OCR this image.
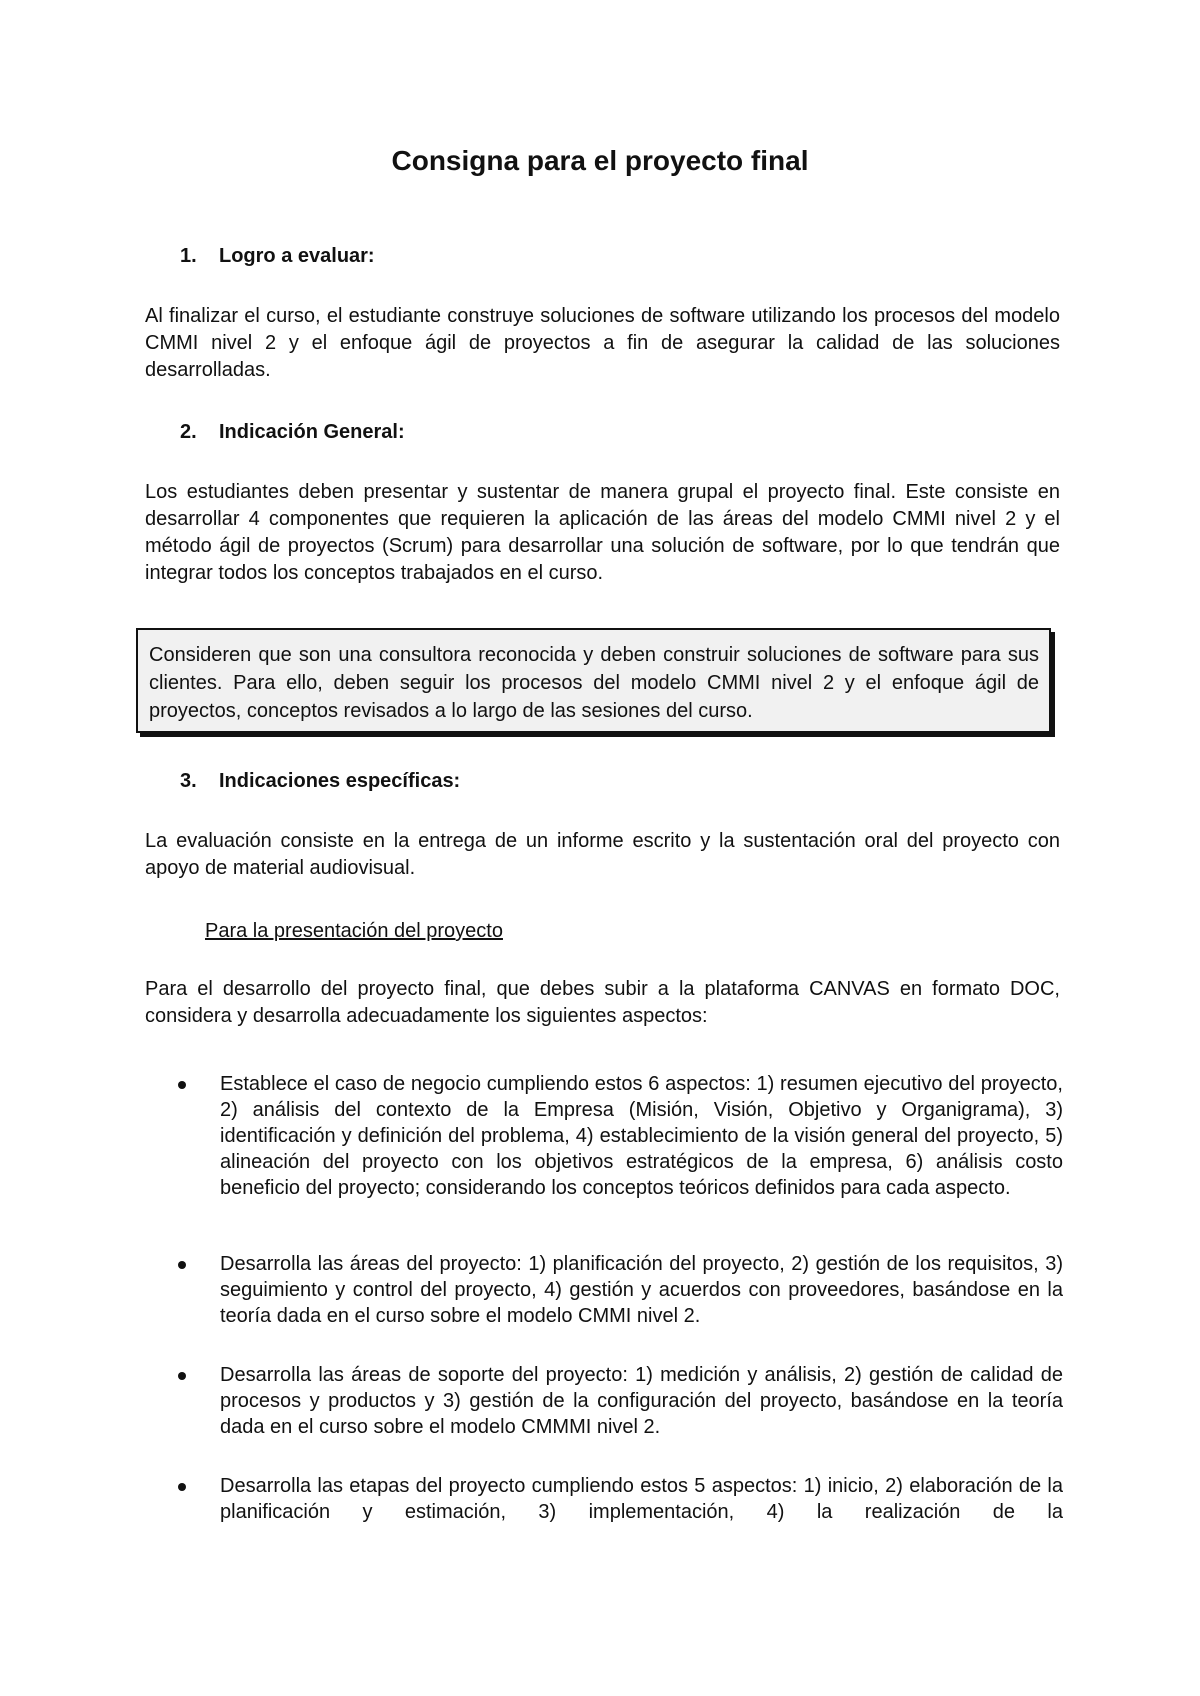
Consigna para el proyecto final
1. Logro a evaluar:

Al finalizar el curso, el estudiante construye soluciones de software utilizando los procesos del modelo CMMI nivel 2 y el enfoque ágil de proyectos a fin de asegurar la calidad de las soluciones desarrolladas.

2. Indicación General:

Los estudiantes deben presentar y sustentar de manera grupal el proyecto final. Este consiste en desarrollar 4 componentes que requieren la aplicación de las áreas del modelo CMMI nivel 2 y el método ágil de proyectos (Scrum) para desarrollar una solución de software, por lo que tendrán que integrar todos los conceptos trabajados en el curso.

Consideren que son una consultora reconocida y deben construir soluciones de software para sus clientes. Para ello, deben seguir los procesos del modelo CMMI nivel 2 y el enfoque ágil de proyectos, conceptos revisados a lo largo de las sesiones del curso.

3. Indicaciones específicas:

La evaluación consiste en la entrega de un informe escrito y la sustentación oral del proyecto con apoyo de material audiovisual.

Para la presentación del proyecto

Para el desarrollo del proyecto final, que debes subir a la plataforma CANVAS en formato DOC, considera y desarrolla adecuadamente los siguientes aspectos:

Establece el caso de negocio cumpliendo estos 6 aspectos: 1) resumen ejecutivo del proyecto, 2) análisis del contexto de la Empresa (Misión, Visión, Objetivo y Organigrama), 3) identificación y definición del problema, 4) establecimiento de la visión general del proyecto, 5) alineación del proyecto con los objetivos estratégicos de la empresa, 6) análisis costo beneficio del proyecto; considerando los conceptos teóricos definidos para cada aspecto.

Desarrolla las áreas del proyecto: 1) planificación del proyecto, 2) gestión de los requisitos, 3) seguimiento y control del proyecto, 4) gestión y acuerdos con proveedores, basándose en la teoría dada en el curso sobre el modelo CMMI nivel 2.

Desarrolla las áreas de soporte del proyecto: 1) medición y análisis, 2) gestión de calidad de procesos y productos y 3) gestión de la configuración del proyecto, basándose en la teoría dada en el curso sobre el modelo CMMMI nivel 2.

Desarrolla las etapas del proyecto cumpliendo estos 5 aspectos: 1) inicio, 2) elaboración de la planificación y estimación, 3) implementación, 4) la realización de la
